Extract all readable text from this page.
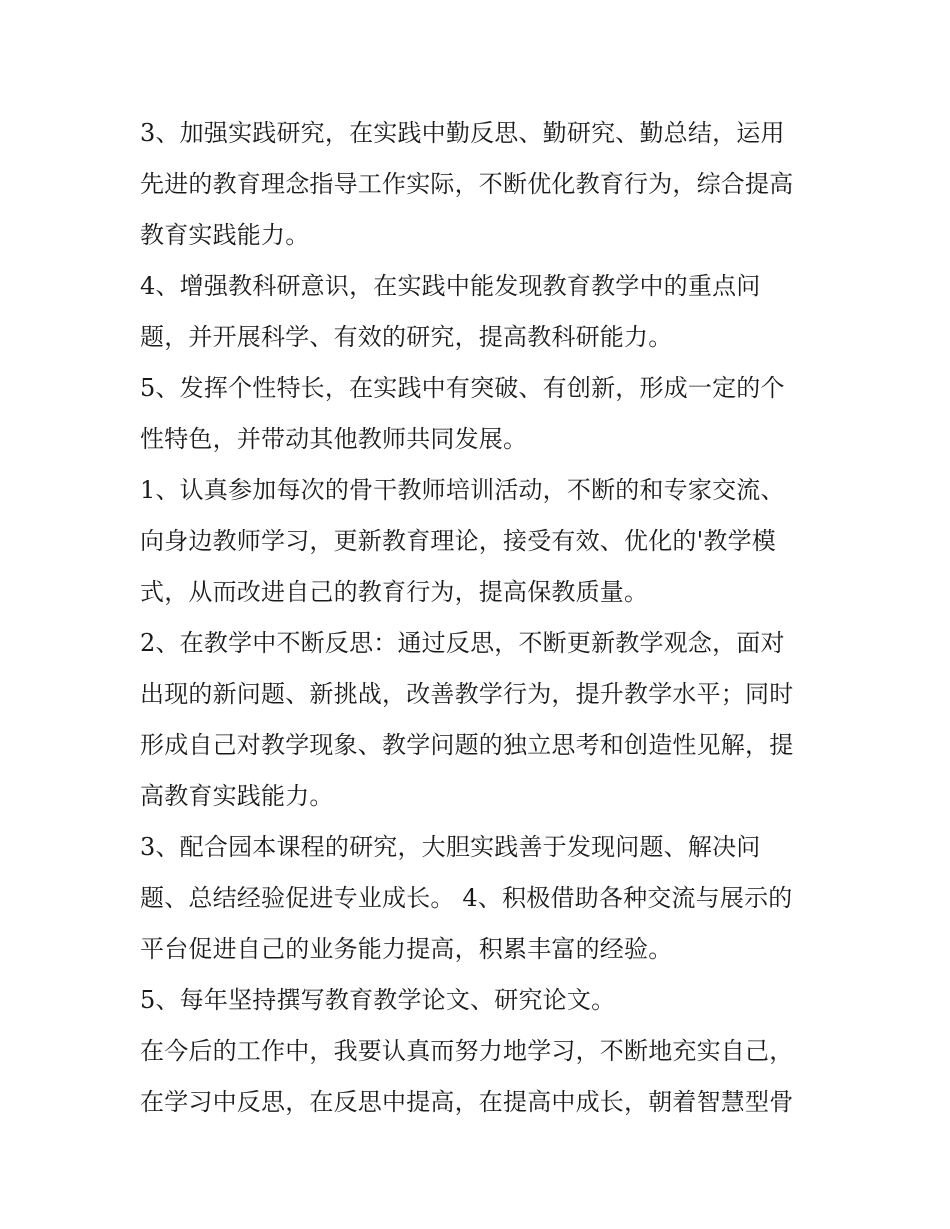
3、加强实践研究，在实践中勤反思、勤研究、勤总结，运用
先进的教育理念指导工作实际，不断优化教育行为，综合提高
教育实践能力。
4、增强教科研意识，在实践中能发现教育教学中的重点问
题，并开展科学、有效的研究，提高教科研能力。
5、发挥个性特长，在实践中有突破、有创新，形成一定的个
性特色，并带动其他教师共同发展。
1、认真参加每次的骨干教师培训活动，不断的和专家交流、
向身边教师学习，更新教育理论，接受有效、优化的'教学模
式，从而改进自己的教育行为，提高保教质量。
2、在教学中不断反思：通过反思，不断更新教学观念，面对
出现的新问题、新挑战，改善教学行为，提升教学水平；同时
形成自己对教学现象、教学问题的独立思考和创造性见解，提
高教育实践能力。
3、配合园本课程的研究，大胆实践善于发现问题、解决问
题、总结经验促进专业成长。 4、积极借助各种交流与展示的
平台促进自己的业务能力提高，积累丰富的经验。
5、每年坚持撰写教育教学论文、研究论文。
在今后的工作中，我要认真而努力地学习，不断地充实自己，
在学习中反思，在反思中提高，在提高中成长，朝着智慧型骨
